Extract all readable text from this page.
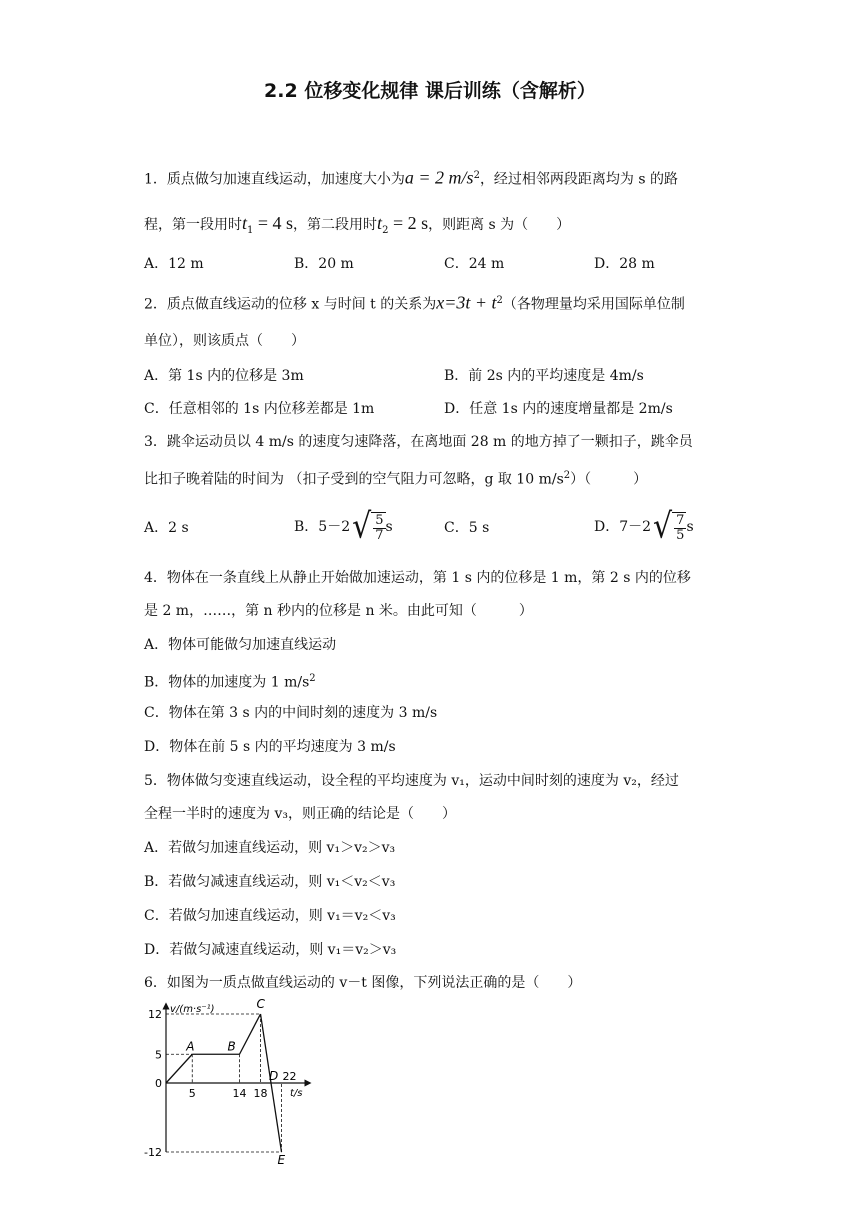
2.2 位移变化规律 课后训练（含解析）
1．质点做匀加速直线运动，加速度大小为a = 2 $m/s^2$，经过相邻两段距离均为 s 的路
程，第一段用时$t_1 = 4$ s，第二段用时$t_2 = 2$ s，则距离 s 为（　　）
A．12 m	B．20 m	C．24 m	D．28 m
2．质点做直线运动的位移 x 与时间 t 的关系为$x=3t + t^2$（各物理量均采用国际单位制
单位），则该质点（　　）
A．第 1s 内的位移是 3m	B．前 2s 内的平均速度是 4m/s
C．任意相邻的 1s 内位移差都是 1m	D．任意 1s 内的速度增量都是 2m/s
3．跳伞运动员以 4 m/s 的速度匀速降落，在离地面 28 m 的地方掉了一颗扣子，跳伞员
比扣子晚着陆的时间为 （扣子受到的空气阻力可忽略，g 取 10 $m/s^2$）（　　　）
A．2 s	B．5－2 √ $\frac{5}{7}$ s	C．5 s	D．7－2 √ $\frac{7}{5}$ s
4．物体在一条直线上从静止开始做加速运动，第 1 s 内的位移是 1 m，第 2 s 内的位移
是 2 m，……，第 n 秒内的位移是 n 米。由此可知（　　　）
A．物体可能做匀加速直线运动
B．物体的加速度为 1 $m/s^2$
C．物体在第 3 s 内的中间时刻的速度为 3 m/s
D．物体在前 5 s 内的平均速度为 3 m/s
5．物体做匀变速直线运动，设全程的平均速度为 v₁，运动中间时刻的速度为 v₂，经过
全程一半时的速度为 v₃，则正确的结论是（　　）
A．若做匀加速直线运动，则 v₁＞v₂＞v₃
B．若做匀减速直线运动，则 v₁＜v₂＜v₃
C．若做匀加速直线运动，则 v₁＝v₂＜v₃
D．若做匀减速直线运动，则 v₁＝v₂＞v₃
6．如图为一质点做直线运动的 v－t 图像，下列说法正确的是（　　）
A	B
C
E
D
12
5
0
-12
5	14 18
22
v/(m·s⁻¹)
t/s
